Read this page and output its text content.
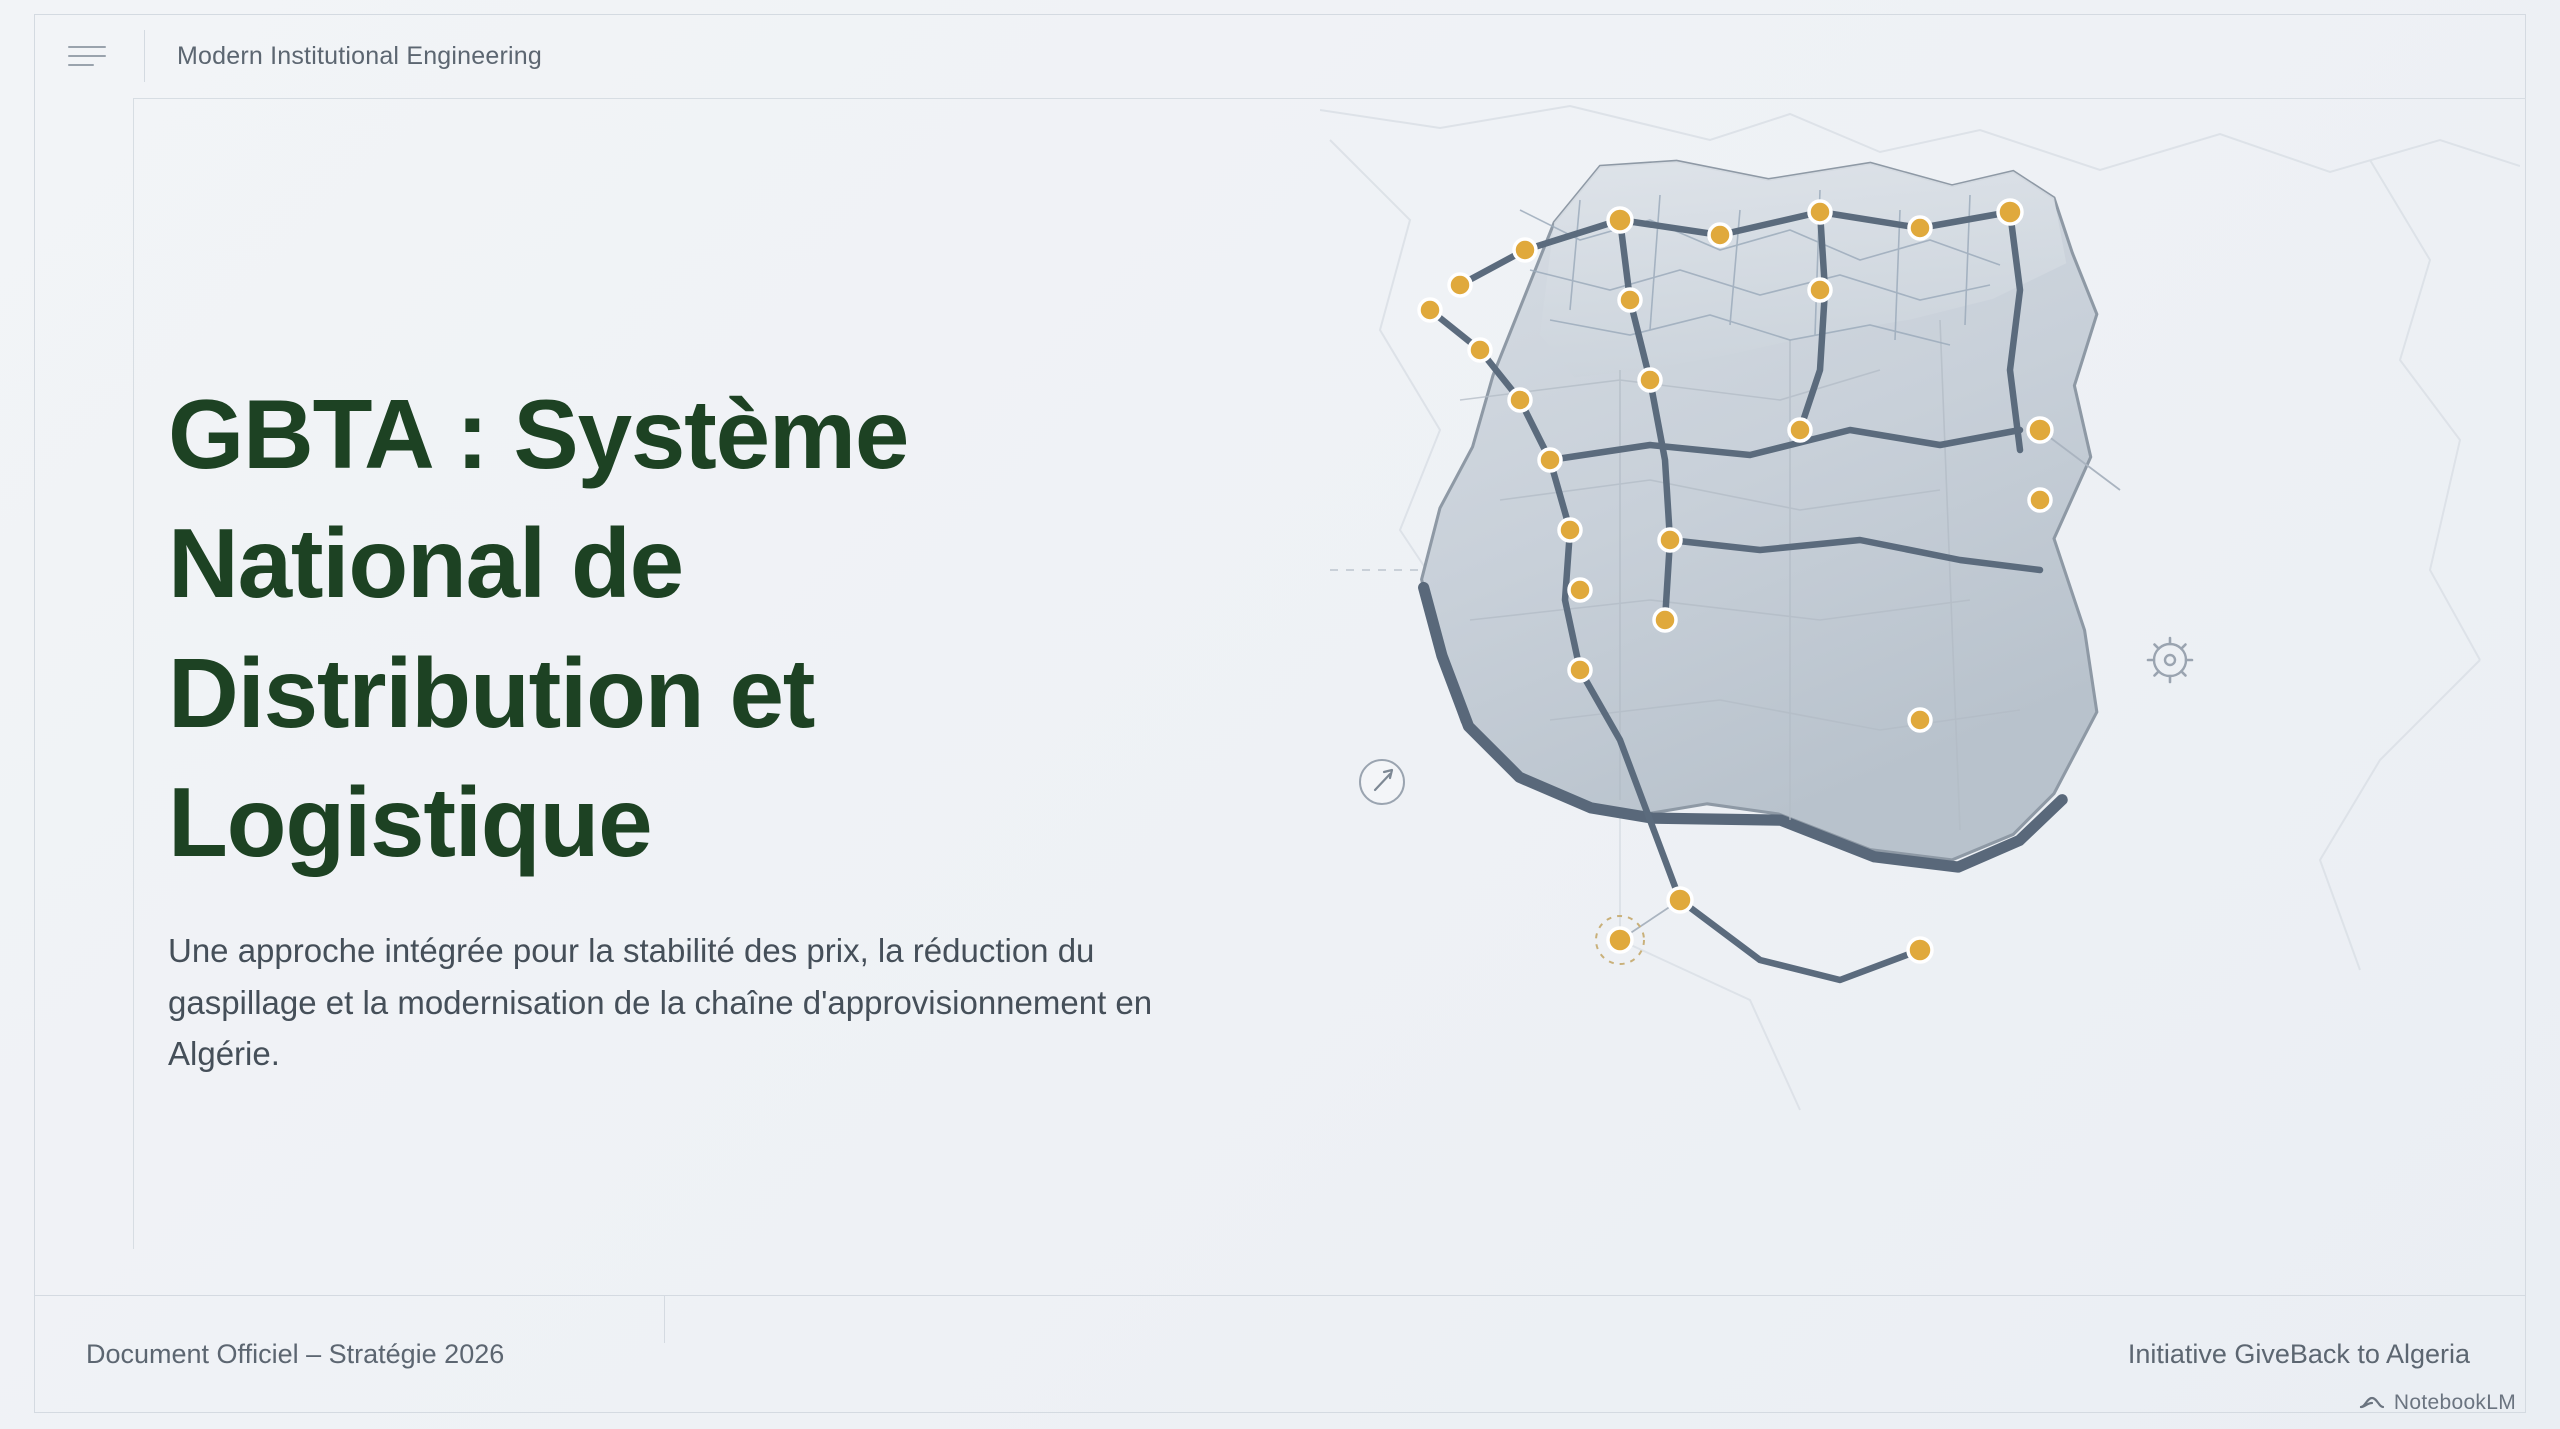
Modern Institutional Engineering
GBTA : Système National de Distribution et Logistique

Une approche intégrée pour la stabilité des prix, la réduction du gaspillage et la modernisation de la chaîne d'approvisionnement en Algérie.

Document Officiel – Stratégie 2026	Initiative GiveBack to Algeria
NotebookLM
